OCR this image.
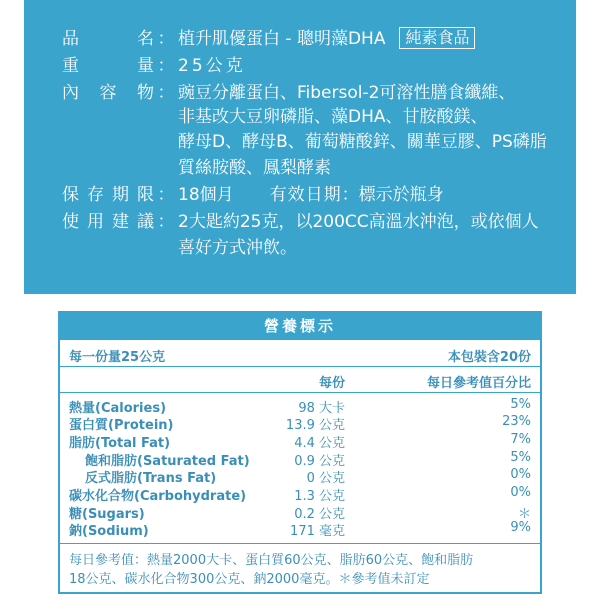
品名 ： 植升肌優蛋白 - 聰明藻DHA 純素食品
重量 ： 25公克
內容物 ： 豌豆分離蛋白、Fibersol-2可溶性膳食纖維、
非基改大豆卵磷脂、藻DHA、甘胺酸鎂、
酵母D、酵母B、葡萄糖酸鋅、關華豆膠、PS磷脂
質絲胺酸、鳳梨酵素
保存期限 ： 18個月 有效日期：標示於瓶身
使用建議 ： 2大匙約25克，以200CC高溫水沖泡，或依個人
喜好方式沖飲。
營養標示
每一份量25公克	本包裝含20份
每份	每日參考值百分比
熱量(Calories)	98 大卡	5%
蛋白質(Protein)	13.9 公克	23%
脂肪(Total Fat)	4.4 公克	7%
飽和脂肪(Saturated Fat)	0.9 公克	5%
反式脂肪(Trans Fat)	0 公克	0%
碳水化合物(Carbohydrate)	1.3 公克	0%
糖(Sugars)	0.2 公克	＊
鈉(Sodium)	171 毫克	9%
每日參考值：熱量2000大卡、蛋白質60公克、脂肪60公克、飽和脂肪
18公克、碳水化合物300公克、鈉2000毫克。＊參考值未訂定
